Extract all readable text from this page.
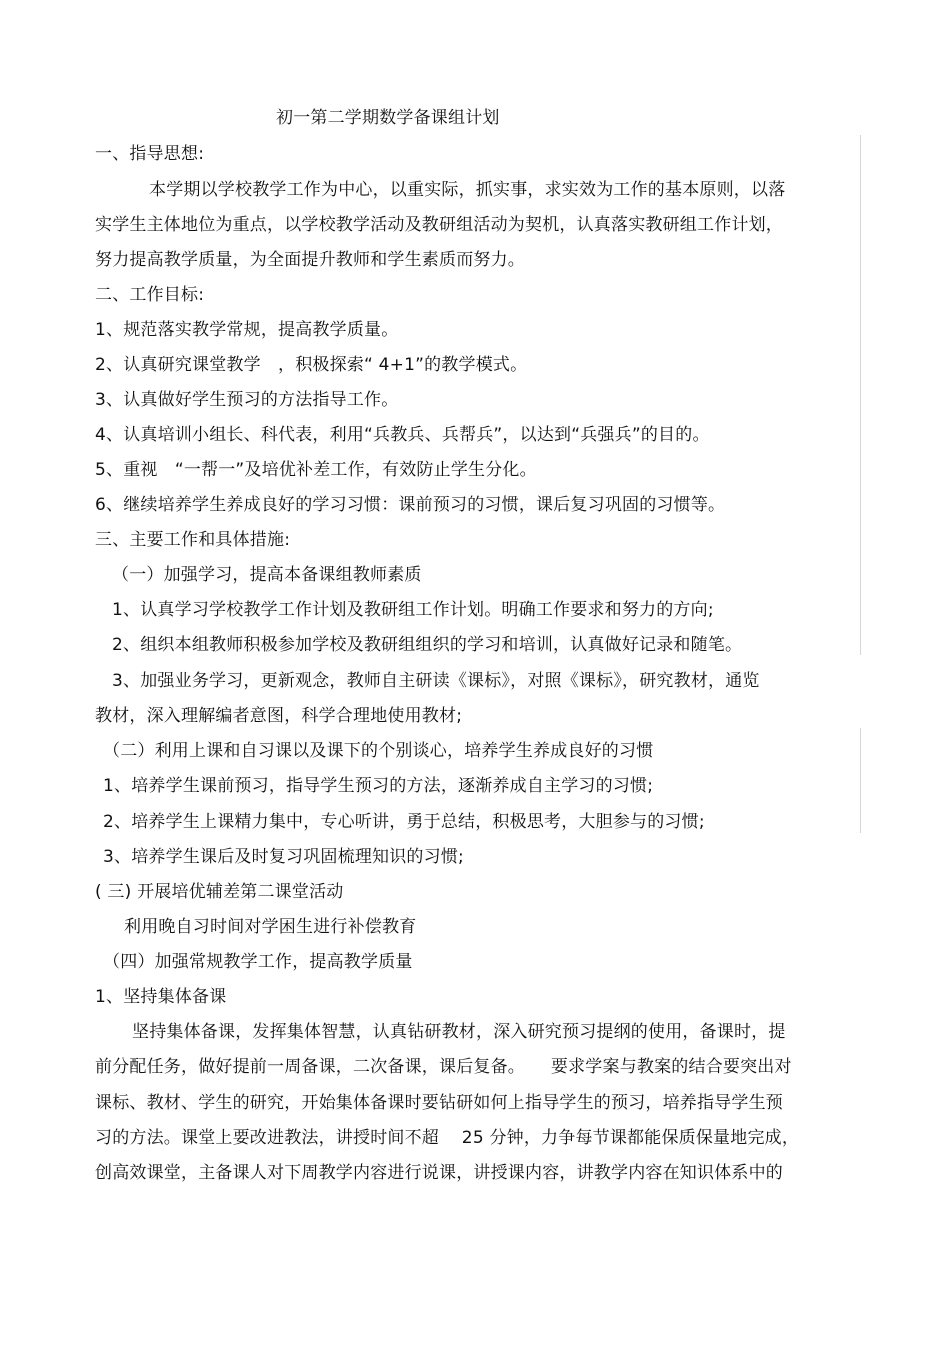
初一第二学期数学备课组计划
一、指导思想:
本学期以学校教学工作为中心，以重实际，抓实事，求实效为工作的基本原则，以落
实学生主体地位为重点，以学校教学活动及教研组活动为契机，认真落实教研组工作计划，
努力提高教学质量，为全面提升教师和学生素质而努力。
二、工作目标:
1、规范落实教学常规，提高教学质量。
2、认真研究课堂教学　，积极探索“ 4+1”的教学模式。
3、认真做好学生预习的方法指导工作。
4、认真培训小组长、科代表，利用“兵教兵、兵帮兵”，以达到“兵强兵”的目的。
5、重视　“一帮一”及培优补差工作，有效防止学生分化。
6、继续培养学生养成良好的学习习惯：课前预习的习惯，课后复习巩固的习惯等。
三、主要工作和具体措施:
（一）加强学习，提高本备课组教师素质
1、认真学习学校教学工作计划及教研组工作计划。明确工作要求和努力的方向;
2、组织本组教师积极参加学校及教研组组织的学习和培训，认真做好记录和随笔。
3、加强业务学习，更新观念，教师自主研读《课标》，对照《课标》，研究教材，通览
教材，深入理解编者意图，科学合理地使用教材;
（二）利用上课和自习课以及课下的个别谈心，培养学生养成良好的习惯
1、培养学生课前预习，指导学生预习的方法，逐渐养成自主学习的习惯;
2、培养学生上课精力集中，专心听讲，勇于总结，积极思考，大胆参与的习惯;
3、培养学生课后及时复习巩固梳理知识的习惯;
( 三) 开展培优辅差第二课堂活动
利用晚自习时间对学困生进行补偿教育
（四）加强常规教学工作，提高教学质量
1、坚持集体备课
坚持集体备课，发挥集体智慧，认真钻研教材，深入研究预习提纲的使用，备课时，提
前分配任务，做好提前一周备课，二次备课，课后复备。　　要求学案与教案的结合要突出对
课标、教材、学生的研究，开始集体备课时要钻研如何上指导学生的预习，培养指导学生预
习的方法。课堂上要改进教法，讲授时间不超　 25 分钟，力争每节课都能保质保量地完成，
创高效课堂，主备课人对下周教学内容进行说课，讲授课内容，讲教学内容在知识体系中的
